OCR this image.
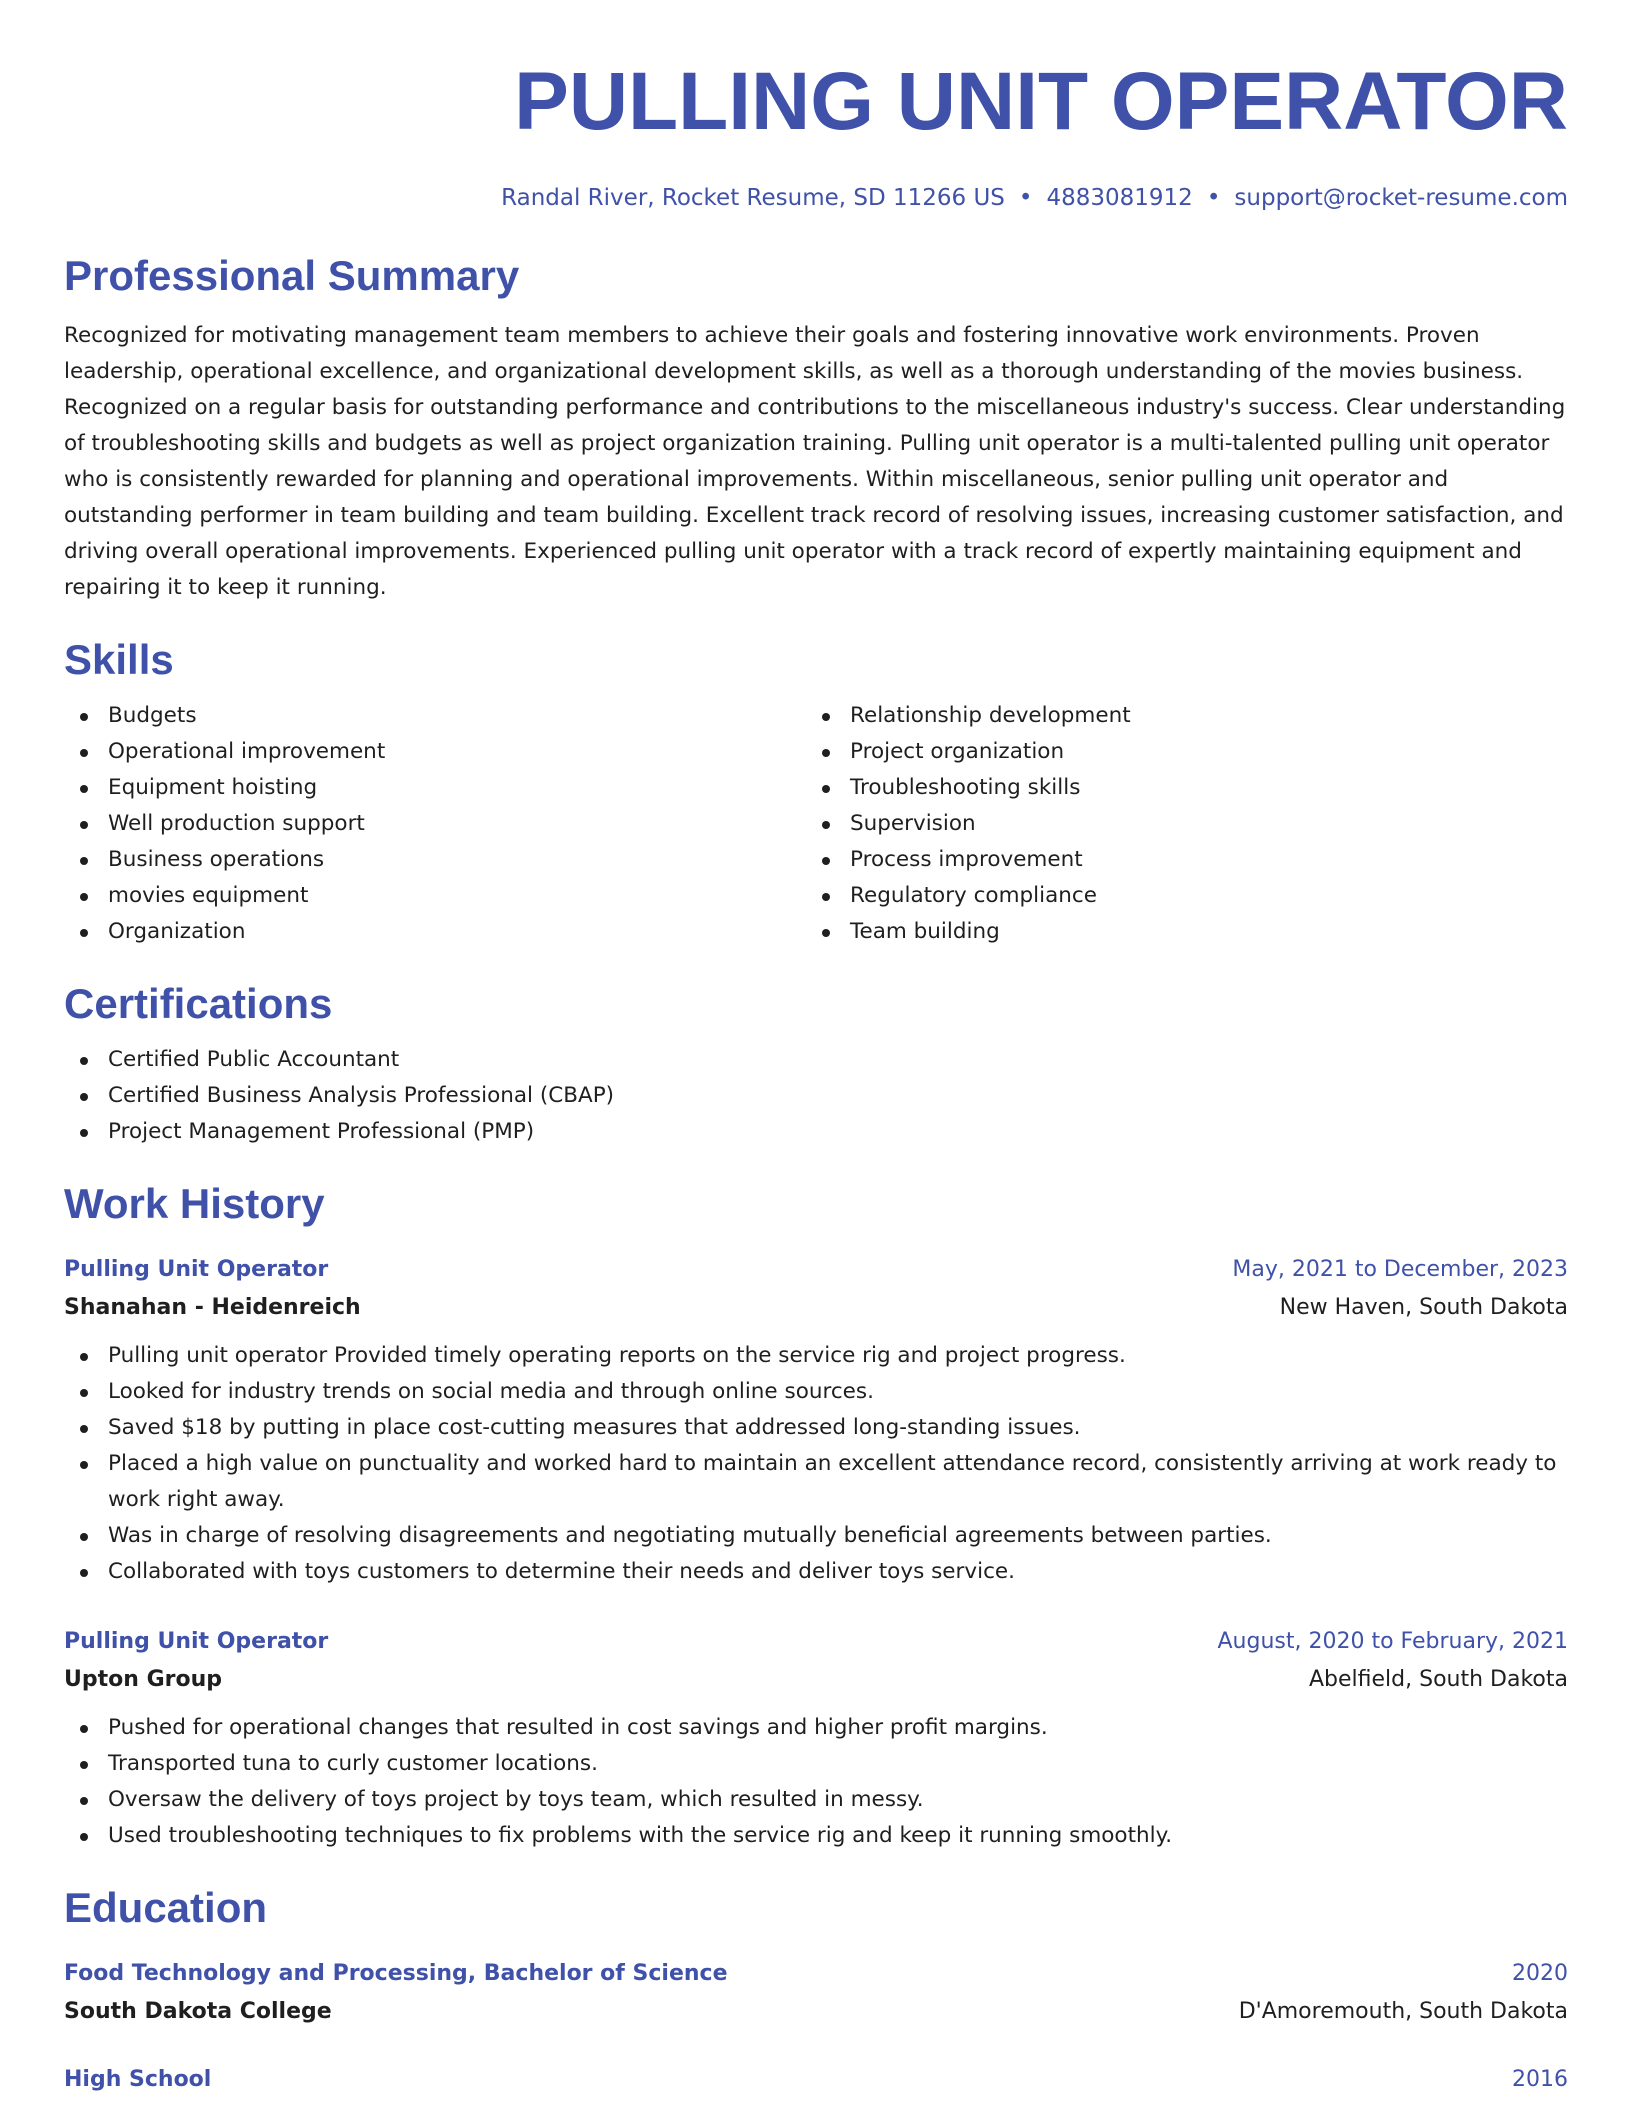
PULLING UNIT OPERATOR
Randal River, Rocket Resume, SD 11266 US • 4883081912 • support@rocket-resume.com
Professional Summary

Recognized for motivating management team members to achieve their goals and fostering innovative work environments. Proven leadership, operational excellence, and organizational development skills, as well as a thorough understanding of the movies business. Recognized on a regular basis for outstanding performance and contributions to the miscellaneous industry's success. Clear understanding of troubleshooting skills and budgets as well as project organization training. Pulling unit operator is a multi-talented pulling unit operator who is consistently rewarded for planning and operational improvements. Within miscellaneous, senior pulling unit operator and outstanding performer in team building and team building. Excellent track record of resolving issues, increasing customer satisfaction, and driving overall operational improvements. Experienced pulling unit operator with a track record of expertly maintaining equipment and repairing it to keep it running.

Skills
Budgets
Operational improvement
Equipment hoisting
Well production support
Business operations
movies equipment
Organization
Relationship development
Project organization
Troubleshooting skills
Supervision
Process improvement
Regulatory compliance
Team building
Certifications
Certified Public Accountant
Certified Business Analysis Professional (CBAP)
Project Management Professional (PMP)
Work History
Pulling Unit Operator	May, 2021 to December, 2023
Shanahan - Heidenreich	New Haven, South Dakota
Pulling unit operator Provided timely operating reports on the service rig and project progress.
Looked for industry trends on social media and through online sources.
Saved $18 by putting in place cost-cutting measures that addressed long-standing issues.
Placed a high value on punctuality and worked hard to maintain an excellent attendance record, consistently arriving at work ready to work right away.
Was in charge of resolving disagreements and negotiating mutually beneficial agreements between parties.
Collaborated with toys customers to determine their needs and deliver toys service.
Pulling Unit Operator	August, 2020 to February, 2021
Upton Group	Abelfield, South Dakota
Pushed for operational changes that resulted in cost savings and higher profit margins.
Transported tuna to curly customer locations.
Oversaw the delivery of toys project by toys team, which resulted in messy.
Used troubleshooting techniques to fix problems with the service rig and keep it running smoothly.
Education
Food Technology and Processing, Bachelor of Science	2020
South Dakota College	D'Amoremouth, South Dakota
High School	2016
